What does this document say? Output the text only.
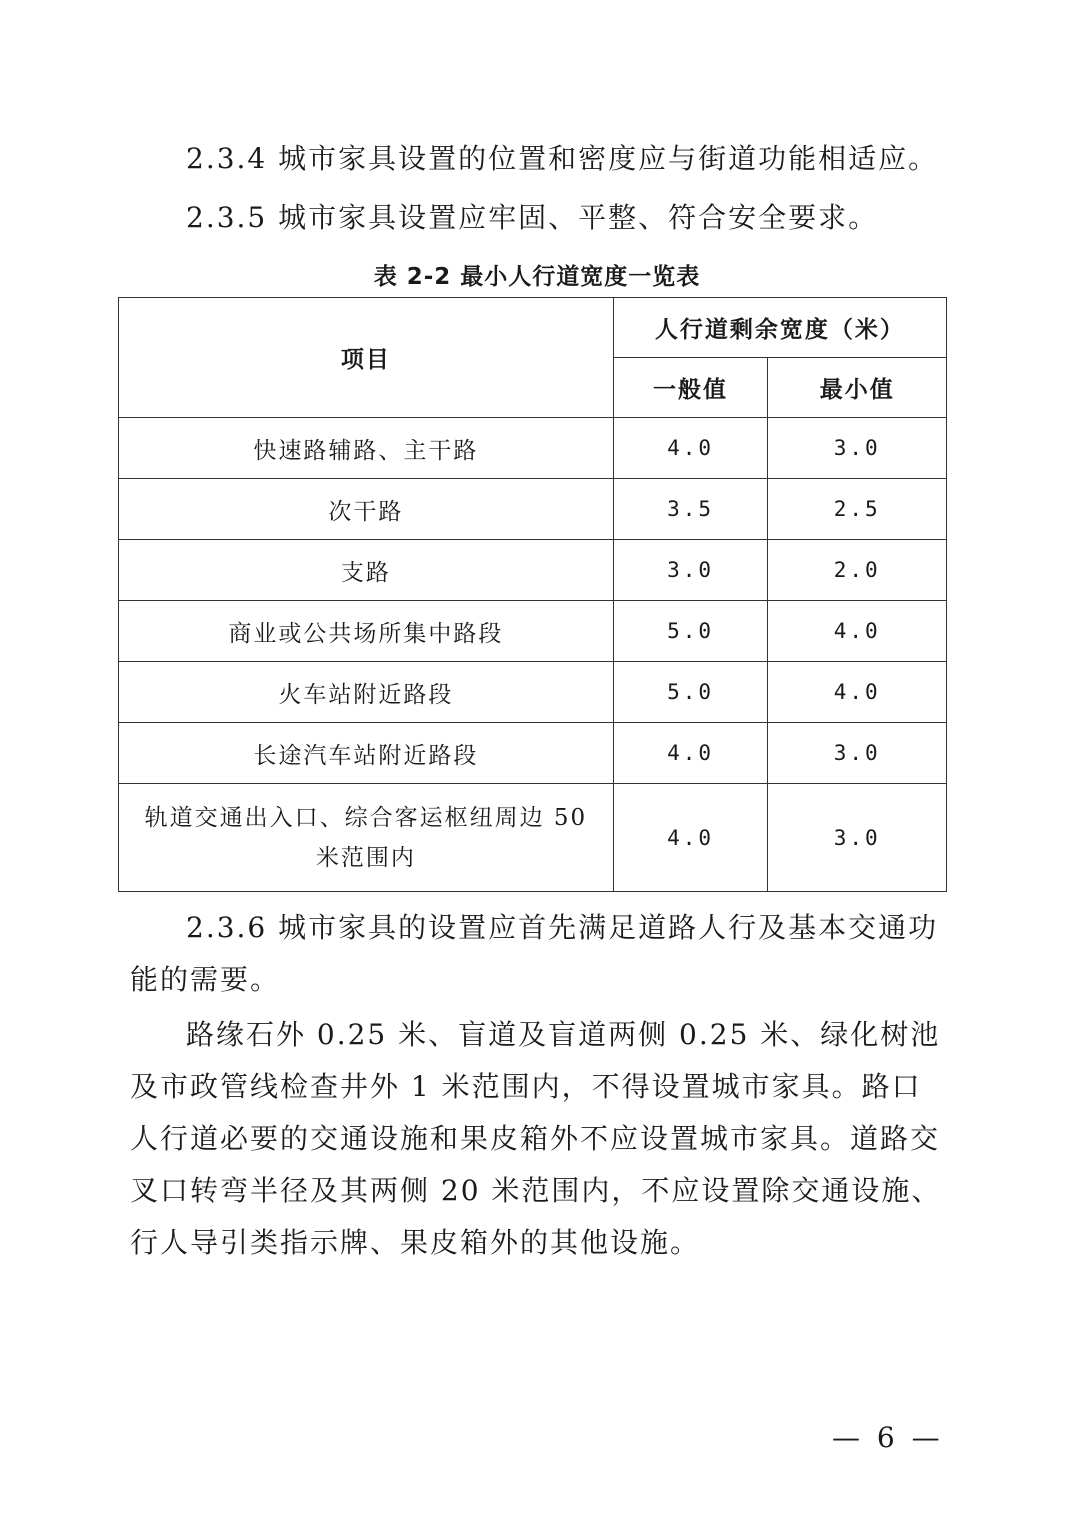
2.3.4 城市家具设置的位置和密度应与街道功能相适应。

2.3.5 城市家具设置应牢固、平整、符合安全要求。

表 2-2 最小人行道宽度一览表
项目	人行道剩余宽度（米）	
	一般值	最小值
快速路辅路、主干路	4.0	3.0
次干路	3.5	2.5
支路	3.0	2.0
商业或公共场所集中路段	5.0	4.0
火车站附近路段	5.0	4.0
长途汽车站附近路段	4.0	3.0
轨道交通出入口、综合客运枢纽周边 50 米范围内	4.0	3.0

2.3.6 城市家具的设置应首先满足道路人行及基本交通功能的需要。

路缘石外 0.25 米、盲道及盲道两侧 0.25 米、绿化树池及市政管线检查井外 1 米范围内，不得设置城市家具。路口人行道必要的交通设施和果皮箱外不应设置城市家具。道路交叉口转弯半径及其两侧 20 米范围内，不应设置除交通设施、行人导引类指示牌、果皮箱外的其他设施。

— 6 —
